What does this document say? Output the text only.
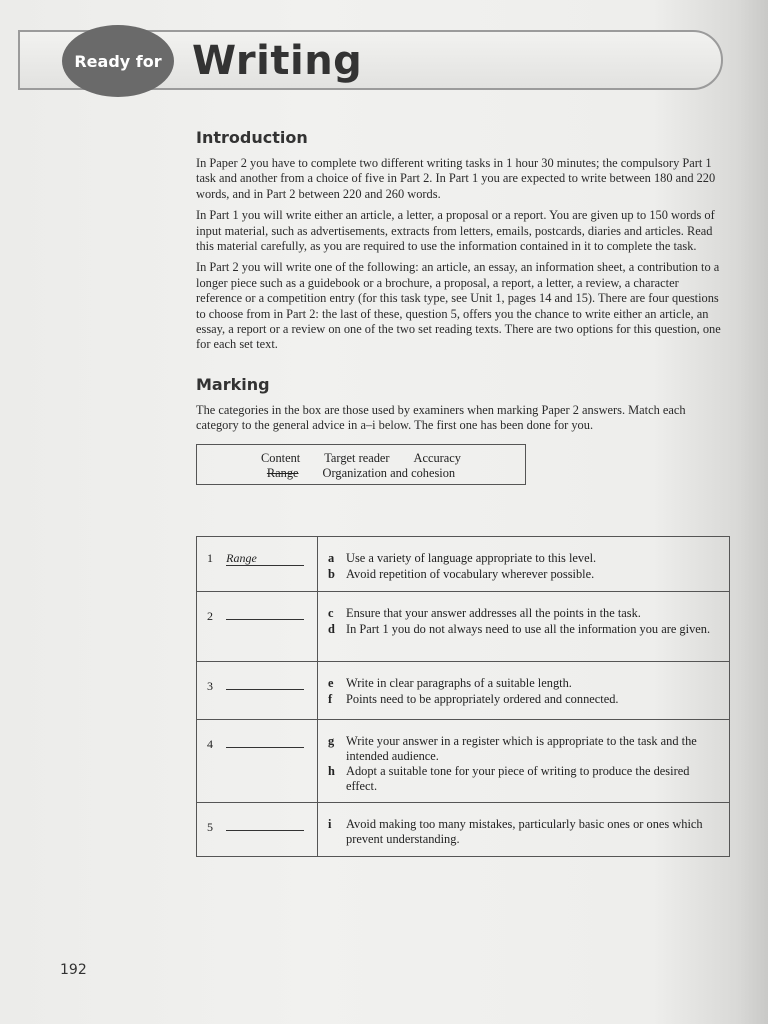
Ready for Writing
Introduction

In Paper 2 you have to complete two different writing tasks in 1 hour 30 minutes; the compulsory Part 1 task and another from a choice of five in Part 2. In Part 1 you are expected to write between 180 and 220 words, and in Part 2 between 220 and 260 words.

In Part 1 you will write either an article, a letter, a proposal or a report. You are given up to 150 words of input material, such as advertisements, extracts from letters, emails, postcards, diaries and articles. Read this material carefully, as you are required to use the information contained in it to complete the task.

In Part 2 you will write one of the following: an article, an essay, an information sheet, a contribution to a longer piece such as a guidebook or a brochure, a proposal, a report, a letter, a review, a character reference or a competition entry (for this task type, see Unit 1, pages 14 and 15). There are four questions to choose from in Part 2: the last of these, question 5, offers you the chance to write either an article, an essay, a report or a review on one of the two set reading texts. There are two options for this question, one for each set text.

Marking

The categories in the box are those used by examiners when marking Paper 2 answers. Match each category to the general advice in a–i below. The first one has been done for you.

Content Target reader Accuracy
Range Organization and cohesion
1 Range	a Use a variety of language appropriate to this level.
b Avoid repetition of vocabulary wherever possible.

2	c Ensure that your answer addresses all the points in the task.
d In Part 1 you do not always need to use all the information you are given.

3	e Write in clear paragraphs of a suitable length.
f Points need to be appropriately ordered and connected.

4	g Write your answer in a register which is appropriate to the task and the intended audience.
h Adopt a suitable tone for your piece of writing to produce the desired effect.

5	i Avoid making too many mistakes, particularly basic ones or ones which prevent understanding.
192
